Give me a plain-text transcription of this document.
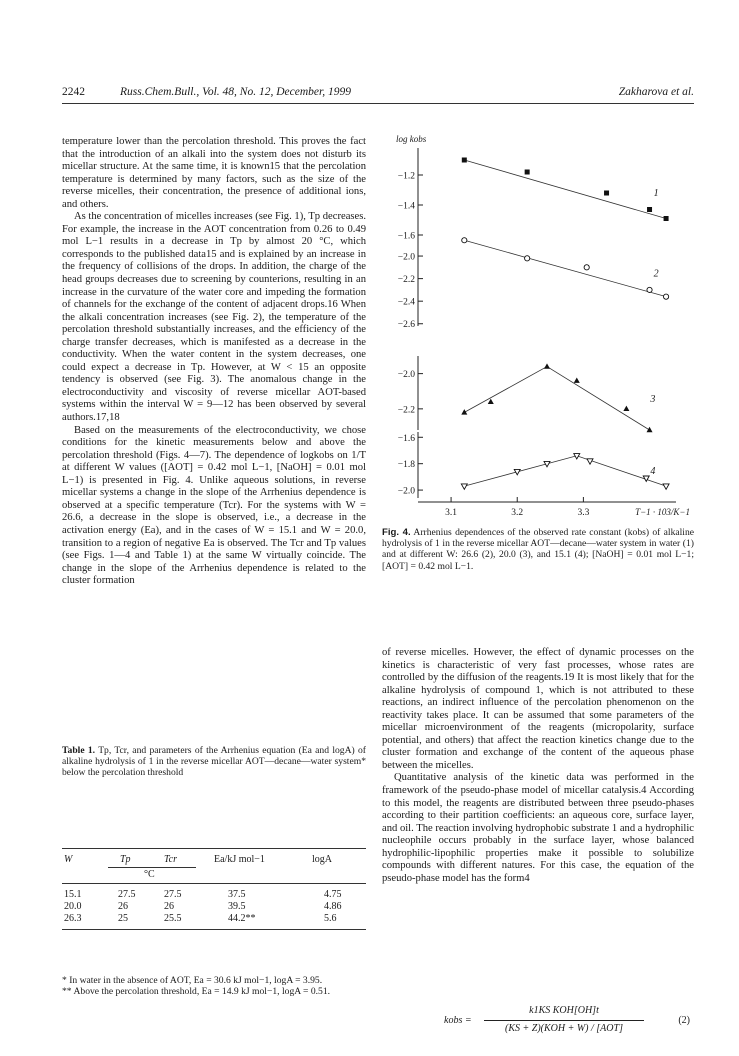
2242	Russ.Chem.Bull., Vol. 48, No. 12, December, 1999	Zakharova et al.

temperature lower than the percolation threshold. This proves the fact that the introduction of an alkali into the system does not disturb its micellar structure. At the same time, it is known15 that the percolation temperature is determined by many factors, such as the size of the reverse micelles, their concentration, the presence of additional ions, and others.

As the concentration of micelles increases (see Fig. 1), Tp decreases. For example, the increase in the AOT concentration from 0.26 to 0.49 mol L−1 results in a decrease in Tp by almost 20 °C, which corresponds to the published data15 and is explained by an increase in the frequency of collisions of the drops. In addition, the charge of the head groups decreases due to screening by counterions, resulting in an increase in the curvature of the water core and impeding the formation of channels for the exchange of the content of adjacent drops.16 When the alkali concentration increases (see Fig. 2), the temperature of the percolation threshold substantially increases, and the efficiency of the charge transfer decreases, which is manifested as a decrease in the conductivity. When the water content in the system decreases, one could expect a decrease in Tp. However, at W < 15 an opposite tendency is observed (see Fig. 3). The anomalous change in the electroconductivity and viscosity of reverse micellar AOT-based systems within the interval W = 9—12 has been observed by several authors.17,18

Based on the measurements of the electroconductivity, we chose conditions for the kinetic measurements below and above the percolation threshold (Figs. 4—7). The dependence of logkobs on 1/T at different W values ([AOT] = 0.42 mol L−1, [NaOH] = 0.01 mol L−1) is presented in Fig. 4. Unlike aqueous solutions, in reverse micellar systems a change in the slope of the Arrhenius dependence is observed at a specific temperature (Tcr). For the systems with W = 26.6, a decrease in the slope is observed, i.e., a decrease in the activation energy (Ea), and in the cases of W = 15.1 and W = 20.0, transition to a region of negative Ea is observed. The Tcr and Tp values (see Figs. 1—4 and Table 1) at the same W virtually coincide. The change in the slope of the Arrhenius dependence is related to the cluster formation

log kobs
−1.2
−1.4
−1.6
1
−2.0
−2.2
−2.4
−2.6
2
−2.0
−2.2
3
−1.6
−1.8
−2.0
4
3.1	3.2	3.3	T−1 · 103/K−1
Fig. 4. Arrhenius dependences of the observed rate constant (kobs) of alkaline hydrolysis of 1 in the reverse micellar AOT—decane—water system in water (1) and at different W: 26.6 (2), 20.0 (3), and 15.1 (4); [NaOH] = 0.01 mol L−1; [AOT] = 0.42 mol L−1.
Table 1. Tp, Tcr, and parameters of the Arrhenius equation (Ea and logA) of alkaline hydrolysis of 1 in the reverse micellar AOT—decane—water system* below the percolation threshold
W	Tp	Tcr	Ea/kJ mol−1	logA
°C
15.1	27.5	27.5	37.5	4.75
20.0	26	26	39.5	4.86
26.3	25	25.5	44.2**	5.6
* In water in the absence of AOT, Ea = 30.6 kJ mol−1, logA = 3.95.
** Above the percolation threshold, Ea = 14.9 kJ mol−1, logA = 0.51.

of reverse micelles. However, the effect of dynamic processes on the kinetics is characteristic of very fast processes, whose rates are controlled by the diffusion of the reagents.19 It is most likely that for the alkaline hydrolysis of compound 1, which is not attributed to these reactions, an indirect influence of the percolation phenomenon on the reactivity takes place. It can be assumed that some parameters of the micellar microenvironment of the reagents (micropolarity, surface potential, and others) that affect the reaction kinetics change due to the cluster formation and exchange of the content of the aqueous phase between the micelles.

Quantitative analysis of the kinetic data was performed in the framework of the pseudo-phase model of micellar catalysis.4 According to this model, the reagents are distributed between three pseudo-phases according to their partition coefficients: an aqueous core, surface layer, and oil. The reaction involving hydrophobic substrate 1 and a hydrophilic nucleophile occurs probably in the surface layer, whose balanced hydrophilic-lipophilic properties make it possible to solubilize compounds with different natures. For this case, the equation of the pseudo-phase model has the form4

kobs =
k1KS KOH[OH]t
(KS + Z)(KOH + W) / [AOT]
(2)
